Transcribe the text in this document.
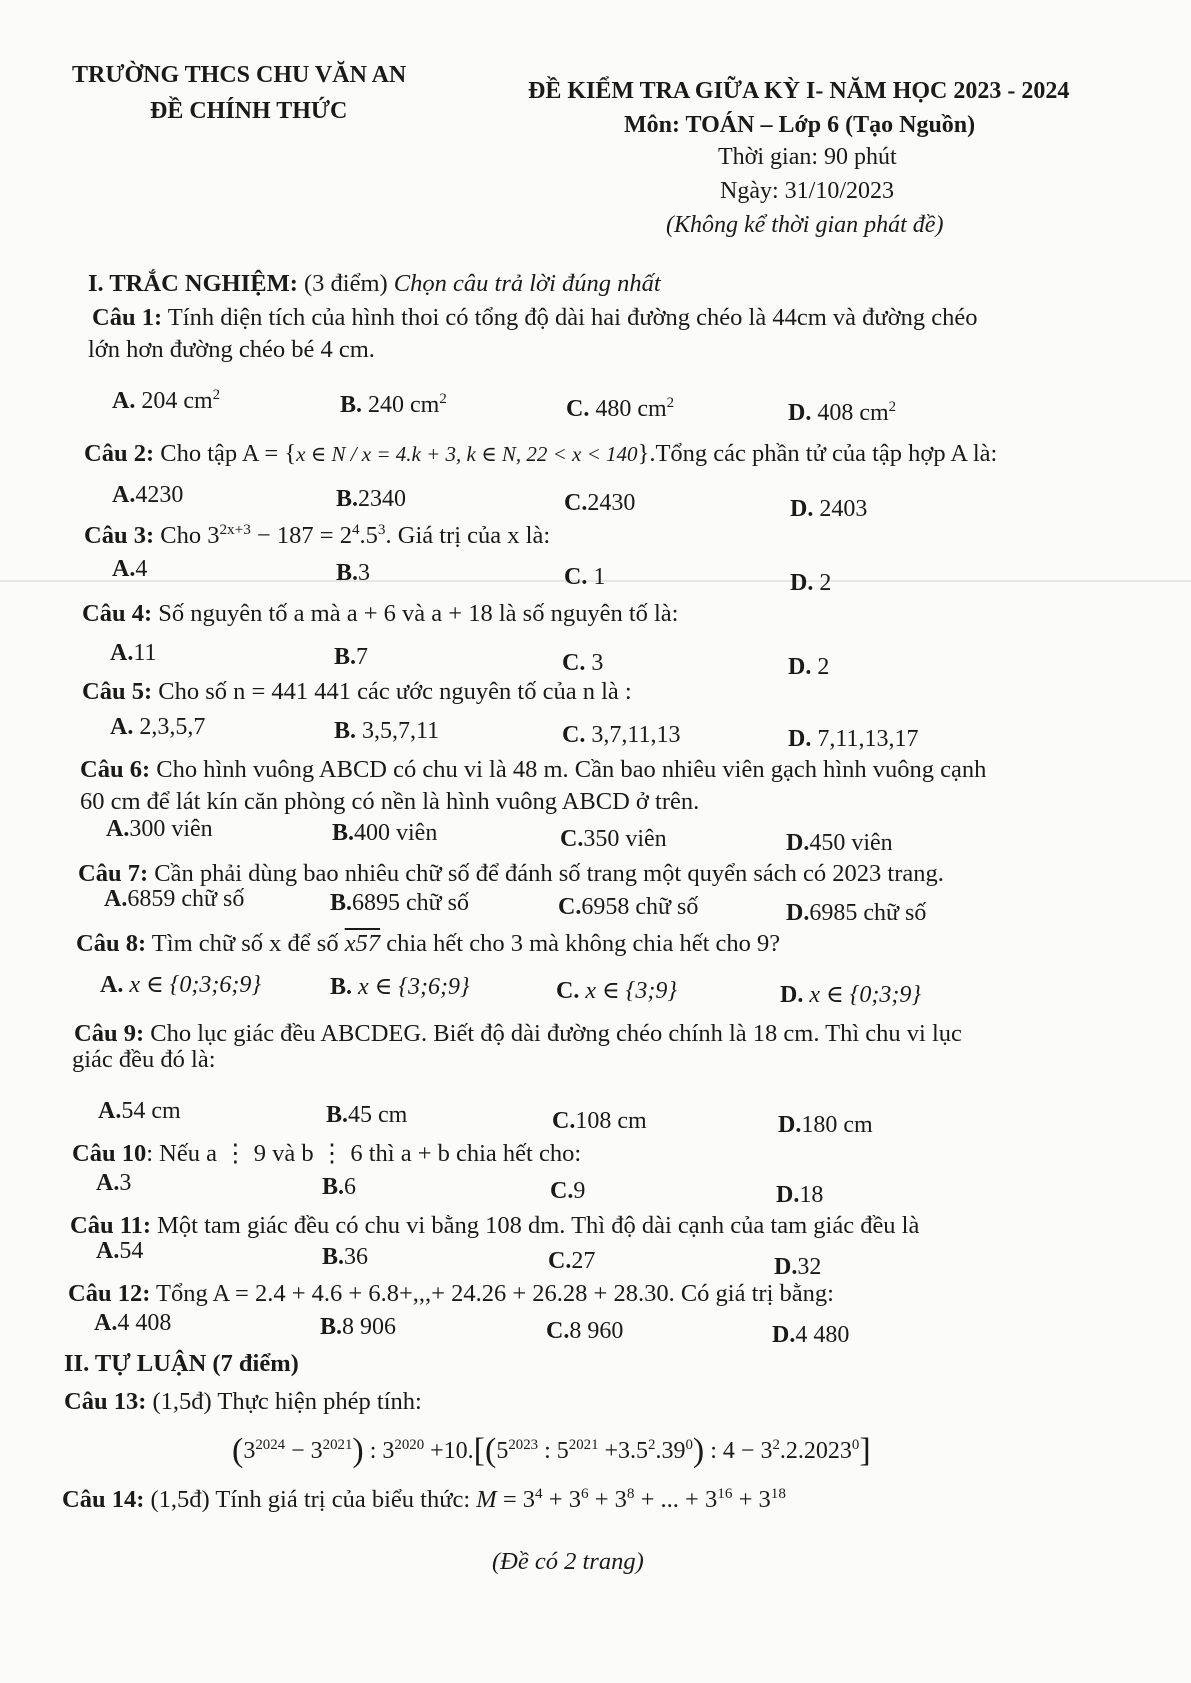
TRƯỜNG THCS CHU VĂN AN
ĐỀ CHÍNH THỨC
ĐỀ KIỂM TRA GIỮA KỲ I- NĂM HỌC 2023 - 2024
Môn: TOÁN – Lớp 6 (Tạo Nguồn)
Thời gian: 90 phút
Ngày: 31/10/2023
(Không kể thời gian phát đề)
I. TRẮC NGHIỆM: (3 điểm) Chọn câu trả lời đúng nhất
Câu 1: Tính diện tích của hình thoi có tổng độ dài hai đường chéo là 44cm và đường chéo
lớn hơn đường chéo bé 4 cm.
A. 204 $cm^2$	B. 240 $cm^2$	C. 480 $cm^2$	D. 408 $cm^2$
Câu 2: Cho tập A = {x ∈ N / x = 4.k + 3, k ∈ N, 22 < x < 140}.Tổng các phần tử của tập hợp A là:
A.4230	B.2340	C.2430	D. 2403
Câu 3: Cho $3^{2x+3} - 187 = 2^4.5^3$. Giá trị của x là:
A.4	B.3	C. 1	D. 2
Câu 4: Số nguyên tố a mà a + 6 và a + 18 là số nguyên tố là:
A.11	B.7	C. 3	D. 2
Câu 5: Cho số n = 441 441 các ước nguyên tố của n là :
A. 2,3,5,7	B. 3,5,7,11	C. 3,7,11,13	D. 7,11,13,17
Câu 6: Cho hình vuông ABCD có chu vi là 48 m. Cần bao nhiêu viên gạch hình vuông cạnh
60 cm để lát kín căn phòng có nền là hình vuông ABCD ở trên.
A.300 viên	B.400 viên	C.350 viên	D.450 viên
Câu 7: Cần phải dùng bao nhiêu chữ số để đánh số trang một quyển sách có 2023 trang.
A.6859 chữ số	B.6895 chữ số	C.6958 chữ số	D.6985 chữ số
Câu 8: Tìm chữ số x để số x57 chia hết cho 3 mà không chia hết cho 9?
A. x ∈ {0;3;6;9}	B. x ∈ {3;6;9}	C. x ∈ {3;9}	D. x ∈ {0;3;9}
Câu 9: Cho lục giác đều ABCDEG. Biết độ dài đường chéo chính là 18 cm. Thì chu vi lục
giác đều đó là:
A.54 cm	B.45 cm	C.108 cm	D.180 cm
Câu 10: Nếu a ⋮ 9 và b ⋮ 6 thì a + b chia hết cho:
A.3	B.6	C.9	D.18
Câu 11: Một tam giác đều có chu vi bằng 108 dm. Thì độ dài cạnh của tam giác đều là
A.54	B.36	C.27	D.32
Câu 12: Tổng A = 2.4 + 4.6 + 6.8+,,,+ 24.26 + 26.28 + 28.30. Có giá trị bằng:
A.4 408	B.8 906	C.8 960	D.4 480
II. TỰ LUẬN (7 điểm)
Câu 13: (1,5đ) Thực hiện phép tính:
$(3^{2024} - 3^{2021})$ : $3^{2020} +10.[(5^{2023}$ : $5^{2021} +3.5^2.39^0$) : $4 - 3^2.2.2023^0$]
Câu 14: (1,5đ) Tính giá trị của biểu thức: $M = 3^4 + 3^6 + 3^8$ + ... + $3^{16} + 3^{18}$
(Đề có 2 trang)
